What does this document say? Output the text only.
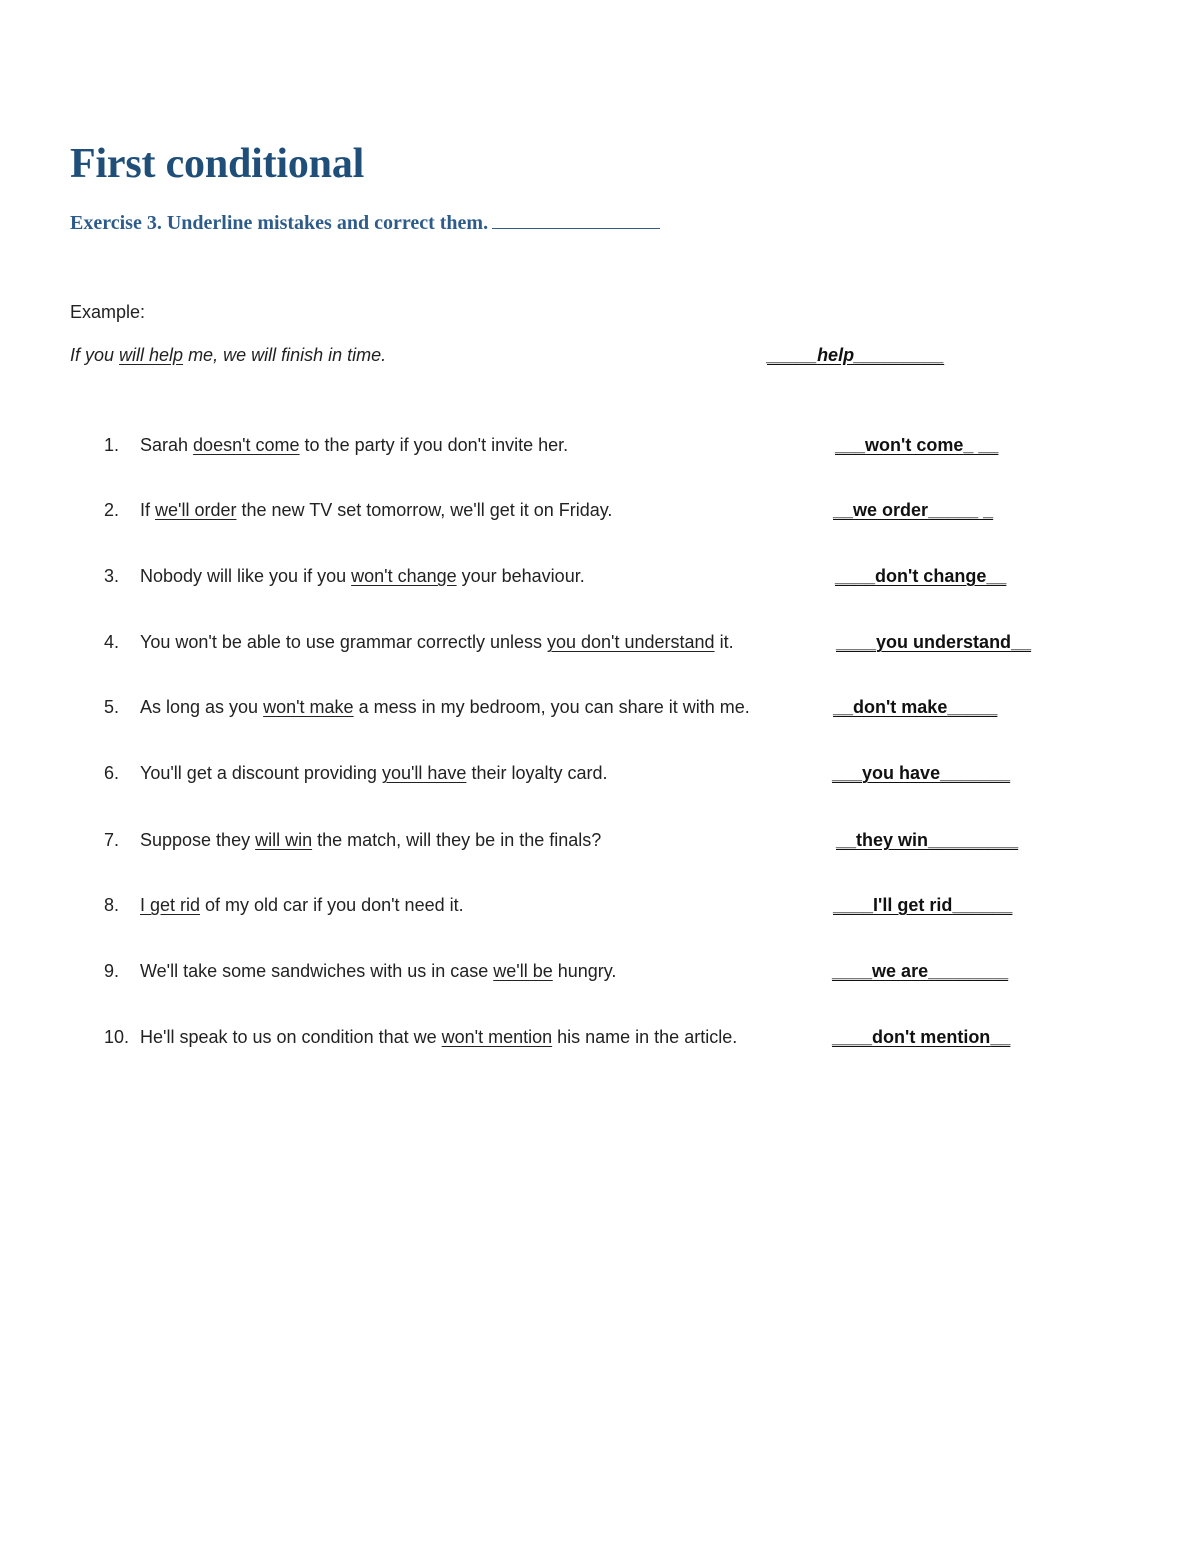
First conditional
Exercise 3. Underline mistakes and correct them.
Example:
If you will help me, we will finish in time.	_____help_________
1. Sarah doesn't come to the party if you don't invite her.	___won't come_ __
2. If we'll order the new TV set tomorrow, we'll get it on Friday.	__we order_____ _
3. Nobody will like you if you won't change your behaviour.	____don't change__
4. You won't be able to use grammar correctly unless you don't understand it.	____you understand__
5. As long as you won't make a mess in my bedroom, you can share it with me.	__don't make_____
6. You'll get a discount providing you'll have their loyalty card.	___you have_______
7. Suppose they will win the match, will they be in the finals?	__they win_________
8. I get rid of my old car if you don't need it.	____I'll get rid______
9. We'll take some sandwiches with us in case we'll be hungry.	____we are________
10. He'll speak to us on condition that we won't mention his name in the article.	____don't mention__
